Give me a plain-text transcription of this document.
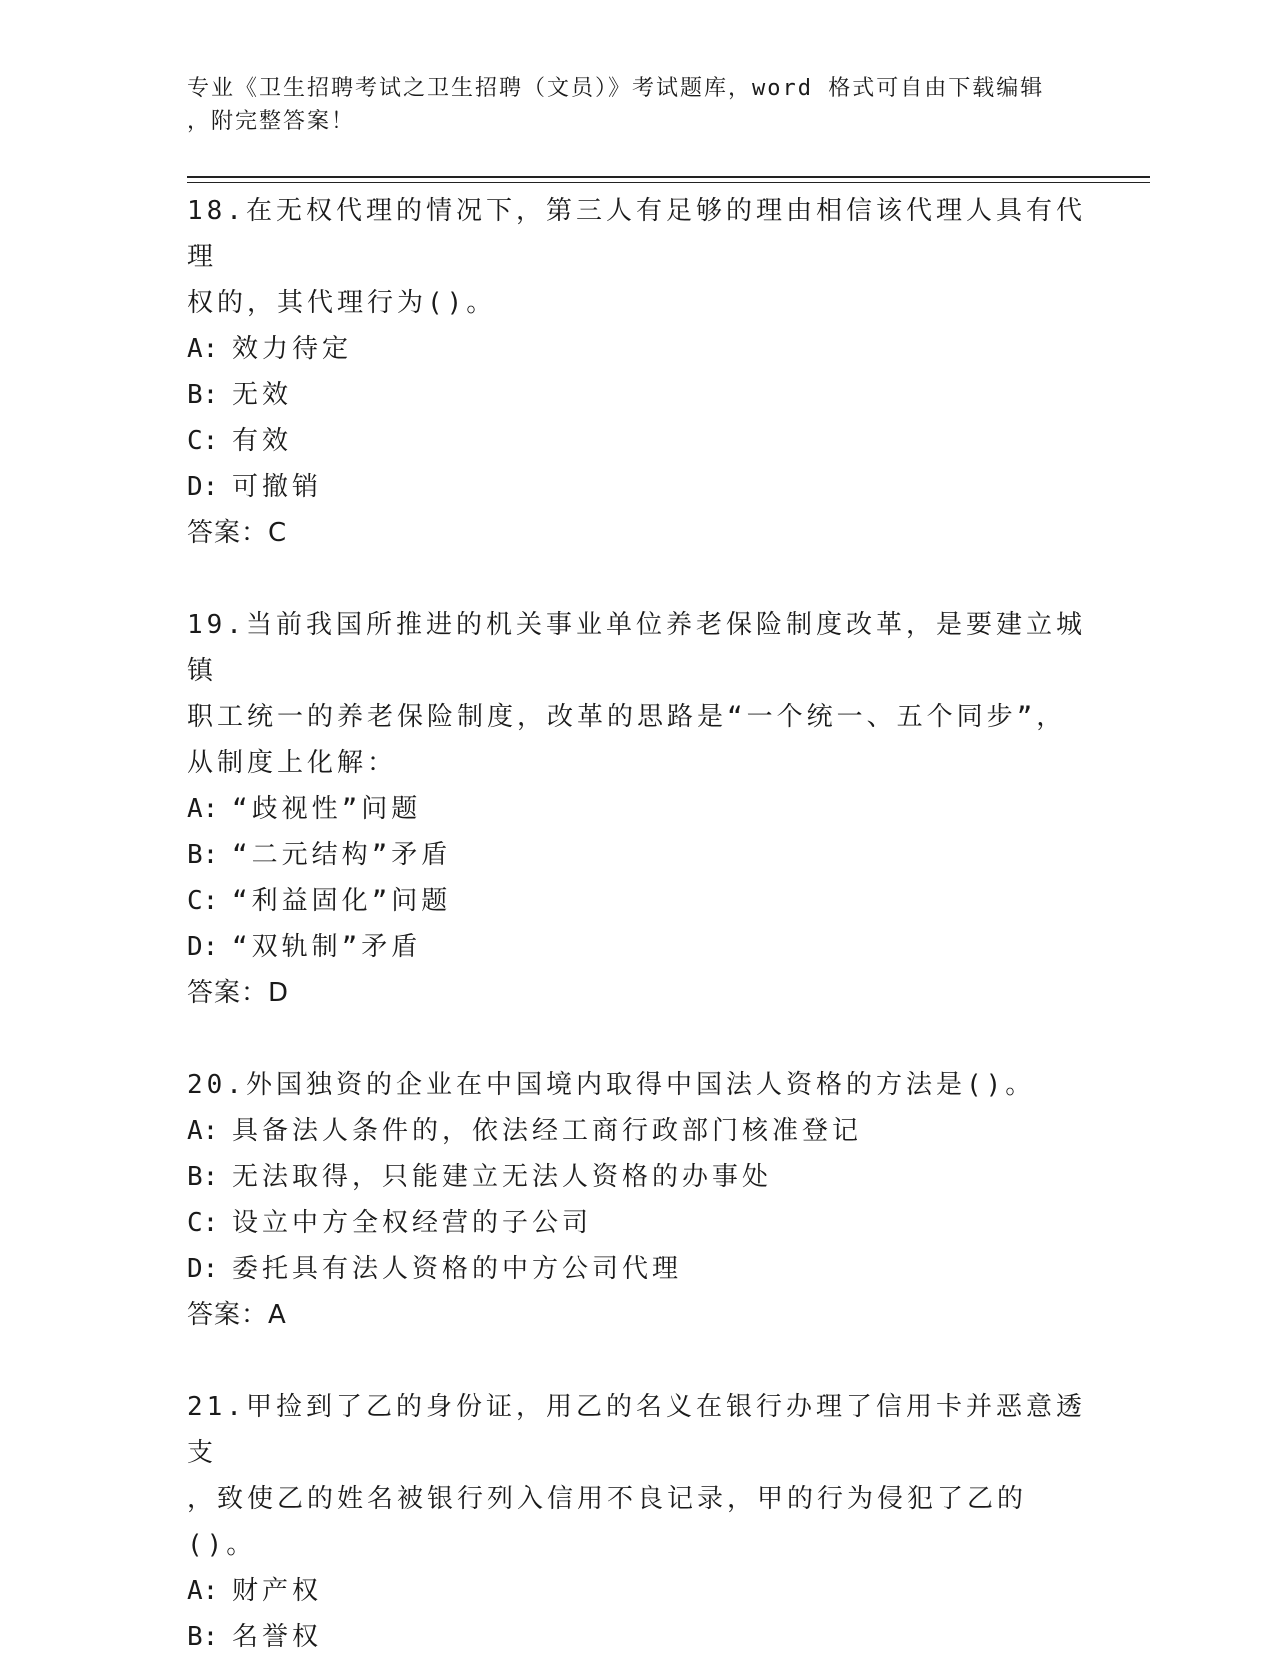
专业《卫生招聘考试之卫生招聘（文员）》考试题库，word 格式可自由下载编辑
，附完整答案！
18.在无权代理的情况下，第三人有足够的理由相信该代理人具有代理
权的，其代理行为()。
A: 效力待定
B: 无效
C: 有效
D: 可撤销
答案：C
19.当前我国所推进的机关事业单位养老保险制度改革，是要建立城镇
职工统一的养老保险制度，改革的思路是“一个统一、五个同步”，
从制度上化解：
A: “歧视性”问题
B: “二元结构”矛盾
C: “利益固化”问题
D: “双轨制”矛盾
答案：D
20.外国独资的企业在中国境内取得中国法人资格的方法是()。
A: 具备法人条件的，依法经工商行政部门核准登记
B: 无法取得，只能建立无法人资格的办事处
C: 设立中方全权经营的子公司
D: 委托具有法人资格的中方公司代理
答案：A
21.甲捡到了乙的身份证，用乙的名义在银行办理了信用卡并恶意透支
，致使乙的姓名被银行列入信用不良记录，甲的行为侵犯了乙的()。
A: 财产权
B: 名誉权
